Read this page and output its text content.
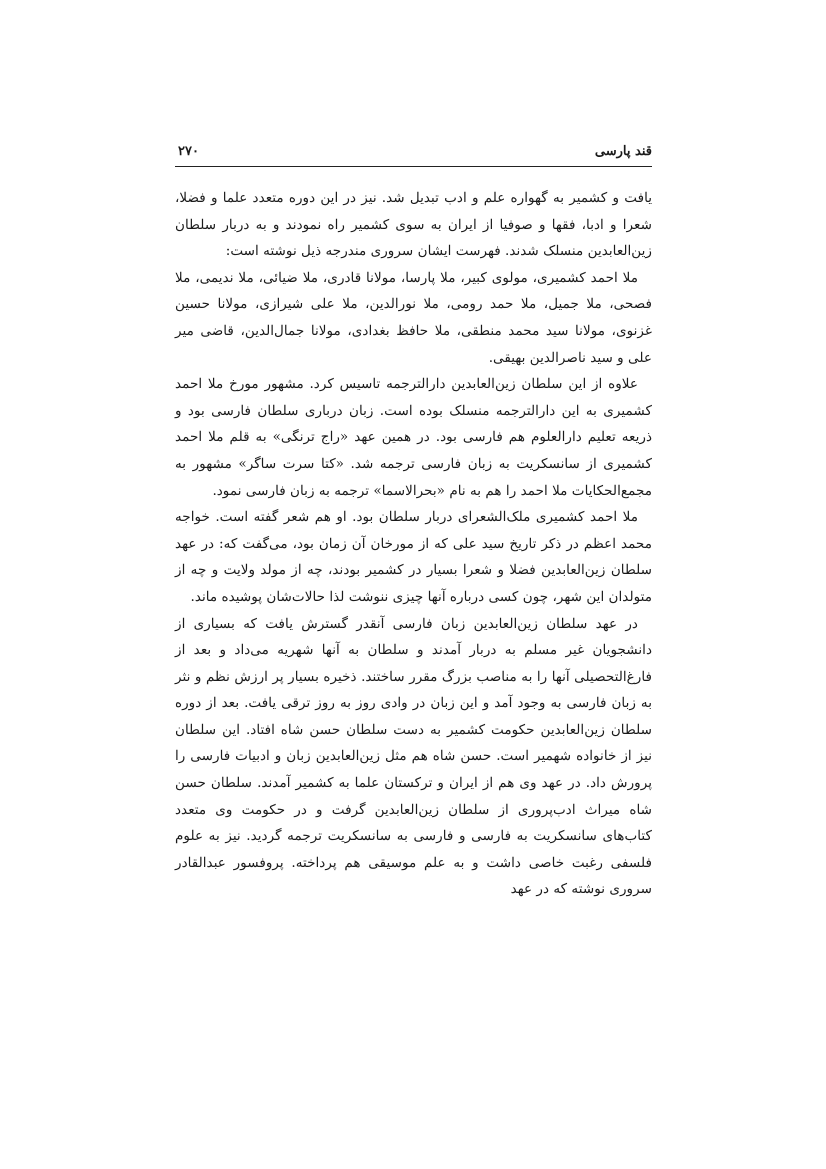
قند پارسی
۲۷۰

یافت و کشمیر به گهواره علم و ادب تبدیل شد. نیز در این دوره متعدد علما و فضلا، شعرا و ادبا، فقها و صوفیا از ایران به سوی کشمیر راه نمودند و به دربار سلطان زین‌العابدین منسلک شدند. فهرست ایشان سروری مندرجه ذیل نوشته است:

ملا احمد کشمیری، مولوی کبیر، ملا پارسا، مولانا قادری، ملا ضیائی، ملا ندیمی، ملا فصحی، ملا جمیل، ملا حمد رومی، ملا نورالدین، ملا علی شیرازی، مولانا حسین غزنوی، مولانا سید محمد منطقی، ملا حافظ بغدادی، مولانا جمال‌الدین، قاضی میر علی و سید ناصرالدین بهیقی.

علاوه از این سلطان زین‌العابدین دارالترجمه تاسیس کرد. مشهور مورخ ملا احمد کشمیری به این دارالترجمه منسلک بوده است. زبان درباری سلطان فارسی بود و ذریعه تعلیم دارالعلوم هم فارسی بود. در همین عهد «راج ترنگی» به قلم ملا احمد کشمیری از سانسکریت به زبان فارسی ترجمه شد. «کتا سرت ساگر» مشهور به مجمع‌الحکایات ملا احمد را هم به نام «بحرالاسما» ترجمه به زبان فارسی نمود.

ملا احمد کشمیری ملک‌الشعرای دربار سلطان بود. او هم شعر گفته است. خواجه محمد اعظم در ذکر تاریخ سید علی که از مورخان آن زمان بود، می‌گفت که: در عهد سلطان زین‌العابدین فضلا و شعرا بسیار در کشمیر بودند، چه از مولد ولایت و چه از متولدان این شهر، چون کسی درباره آنها چیزی ننوشت لذا حالات‌شان پوشیده ماند.

در عهد سلطان زین‌العابدین زبان فارسی آنقدر گسترش یافت که بسیاری از دانشجویان غیر مسلم به دربار آمدند و سلطان به آنها شهریه می‌داد و بعد از فارغ‌التحصیلی آنها را به مناصب بزرگ مقرر ساختند. ذخیره بسیار پر ارزش نظم و نثر به زبان فارسی به وجود آمد و این زبان در وادی روز به روز ترقی یافت. بعد از دوره سلطان زین‌العابدین حکومت کشمیر به دست سلطان حسن شاه افتاد. این سلطان نیز از خانواده شهمیر است. حسن شاه هم مثل زین‌العابدین زبان و ادبیات فارسی را پرورش داد. در عهد وی هم از ایران و ترکستان علما به کشمیر آمدند. سلطان حسن شاه میراث ادب‌پروری از سلطان زین‌العابدین گرفت و در حکومت وی متعدد کتاب‌های سانسکریت به فارسی و فارسی به سانسکریت ترجمه گردید. نیز به علوم فلسفی رغبت خاصی داشت و به علم موسیقی هم پرداخته. پروفسور عبدالقادر سروری نوشته که در عهد
